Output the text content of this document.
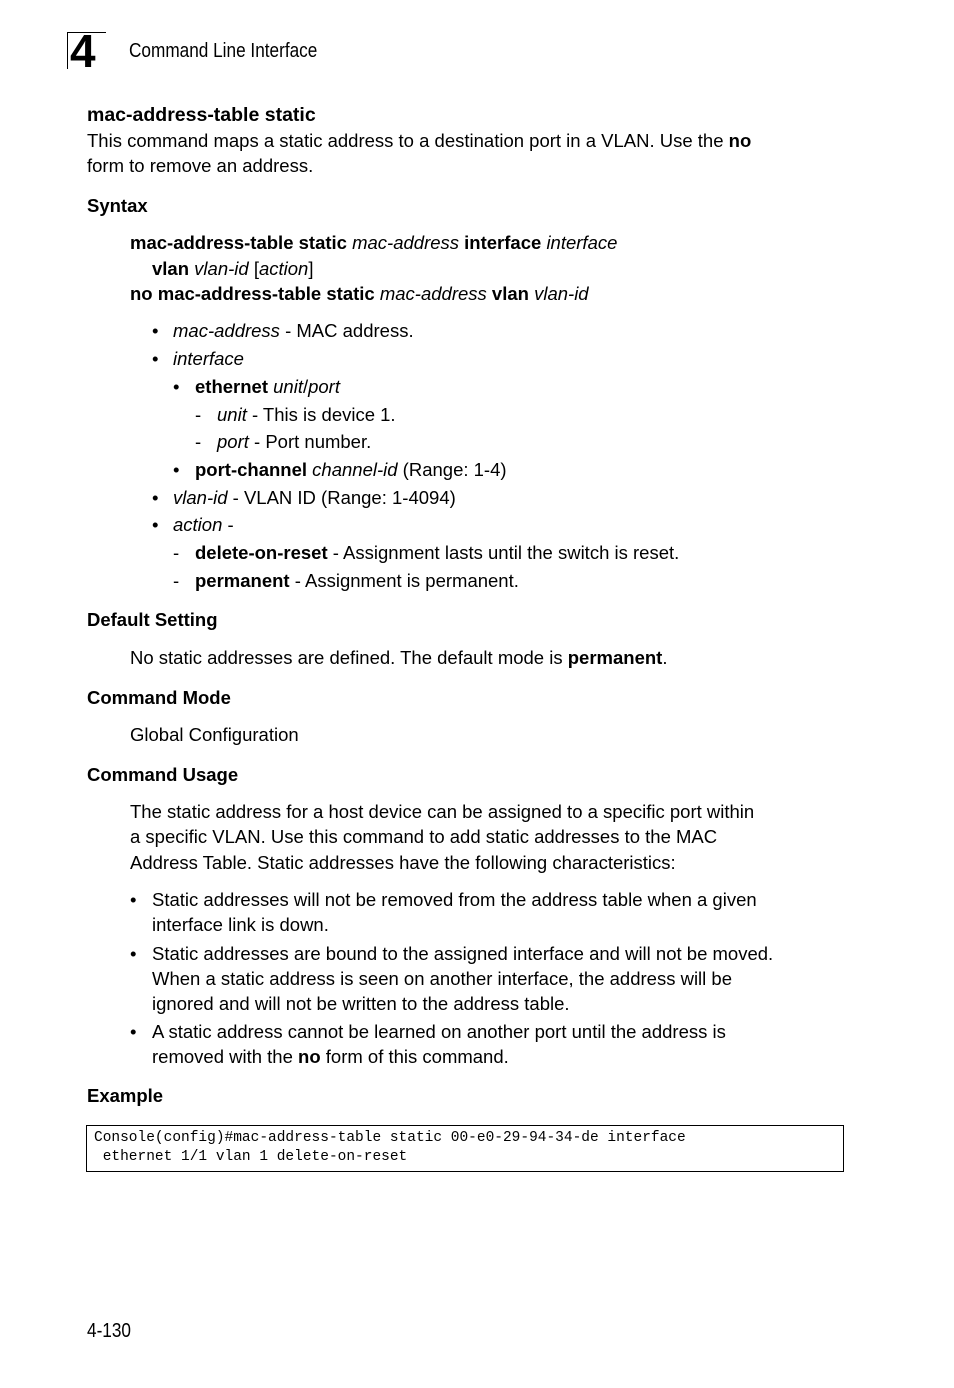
4 Command Line Interface
mac-address-table static
This command maps a static address to a destination port in a VLAN. Use the no
form to remove an address.
Syntax
mac-address-table static mac-address interface interface
vlan vlan-id [action]
no mac-address-table static mac-address vlan vlan-id
• mac-address - MAC address.
• interface
• ethernet unit/port
- unit - This is device 1.
- port - Port number.
• port-channel channel-id (Range: 1-4)
• vlan-id - VLAN ID (Range: 1-4094)
• action -
- delete-on-reset - Assignment lasts until the switch is reset.
- permanent - Assignment is permanent.
Default Setting
No static addresses are defined. The default mode is permanent.
Command Mode
Global Configuration
Command Usage
The static address for a host device can be assigned to a specific port within
a specific VLAN. Use this command to add static addresses to the MAC
Address Table. Static addresses have the following characteristics:
• Static addresses will not be removed from the address table when a given
interface link is down.
• Static addresses are bound to the assigned interface and will not be moved.
When a static address is seen on another interface, the address will be
ignored and will not be written to the address table.
• A static address cannot be learned on another port until the address is
removed with the no form of this command.
Example
Console(config)#mac-address-table static 00-e0-29-94-34-de interface
ethernet 1/1 vlan 1 delete-on-reset
4-130
